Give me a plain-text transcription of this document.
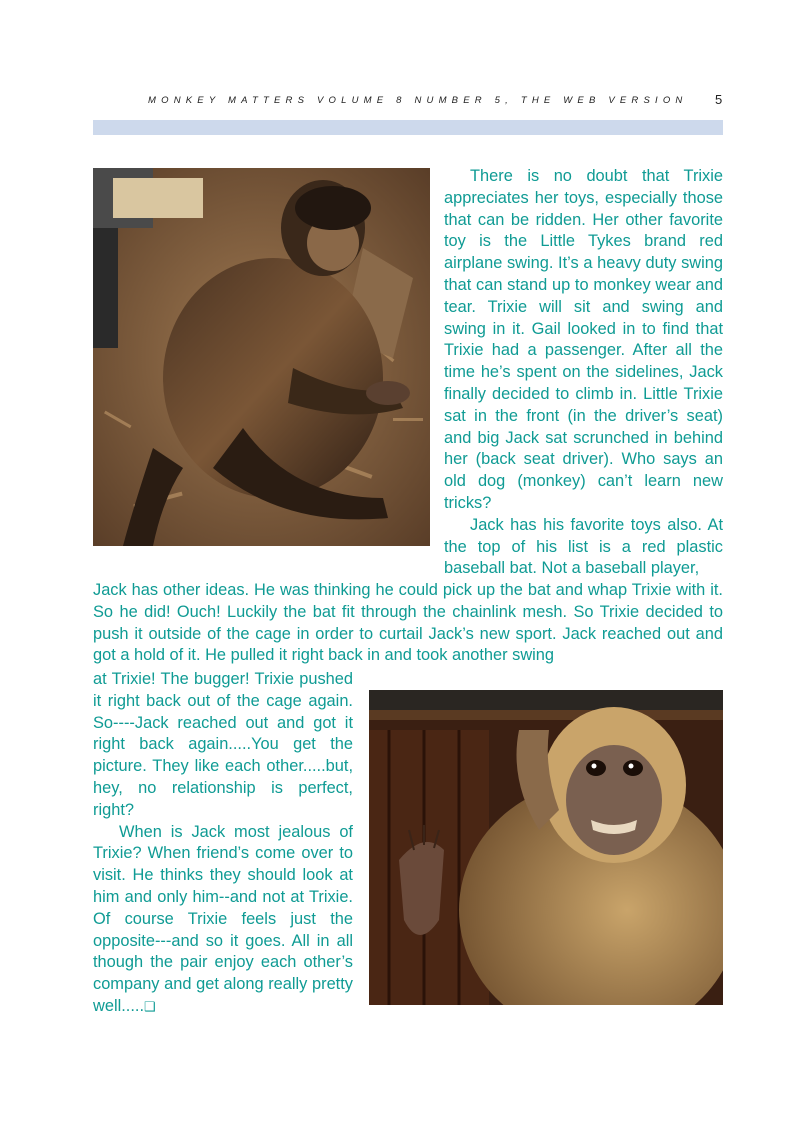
MONKEY MATTERS VOLUME 8 NUMBER 5, THE WEB VERSION 5

There is no doubt that Trixie appreciates her toys, especially those that can be ridden. Her other favorite toy is the Little Tykes brand red airplane swing. It’s a heavy duty swing that can stand up to monkey wear and tear. Trixie will sit and swing and swing in it. Gail looked in to find that Trixie had a passenger. After all the time he’s spent on the sidelines, Jack finally decided to climb in. Little Trixie sat in the front (in the driver’s seat) and big Jack sat scrunched in behind her (back seat driver). Who says an old dog (monkey) can’t learn new tricks?

Jack has his favorite toys also. At the top of his list is a red plastic baseball bat. Not a baseball player,

Jack has other ideas. He was thinking he could pick up the bat and whap Trixie with it. So he did! Ouch! Luckily the bat fit through the chainlink mesh. So Trixie decided to push it outside of the cage in order to curtail Jack’s new sport. Jack reached out and got a hold of it. He pulled it right back in and took another swing
at Trixie! The bugger! Trixie pushed it right back out of the cage again. So----Jack reached out and got it right back again.....You get the picture. They like each other.....but, hey, no relationship is perfect, right?

When is Jack most jealous of Trixie? When friend’s come over to visit. He thinks they should look at him and only him--and not at Trixie. Of course Trixie feels just the opposite---and so it goes. All in all though the pair enjoy each other’s company and get along really pretty well.....❑
